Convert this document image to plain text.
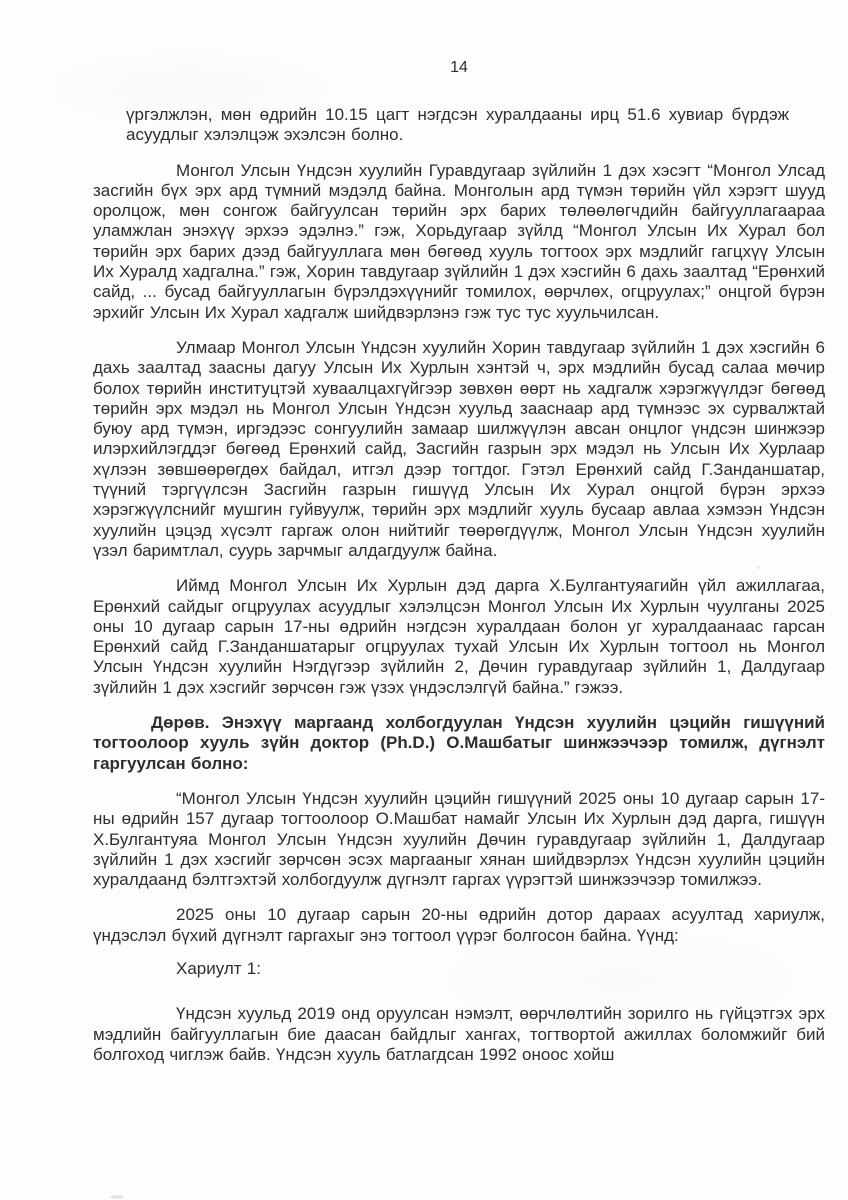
14

үргэлжлэн, мөн өдрийн 10.15 цагт нэгдсэн хуралдааны ирц 51.6 хувиар бүрдэж асуудлыг хэлэлцэж эхэлсэн болно.

Монгол Улсын Үндсэн хуулийн Гуравдугаар зүйлийн 1 дэх хэсэгт “Монгол Улсад засгийн бүх эрх ард түмний мэдэлд байна. Монголын ард түмэн төрийн үйл хэрэгт шууд оролцож, мөн сонгож байгуулсан төрийн эрх барих төлөөлөгчдийн байгууллагаараа уламжлан энэхүү эрхээ эдэлнэ.” гэж, Хорьдугаар зүйлд “Монгол Улсын Их Хурал бол төрийн эрх барих дээд байгууллага мөн бөгөөд хууль тогтоох эрх мэдлийг гагцхүү Улсын Их Хуралд хадгална.” гэж, Хорин тавдугаар зүйлийн 1 дэх хэсгийн 6 дахь заалтад “Ерөнхий сайд, ... бусад байгууллагын бүрэлдэхүүнийг томилох, өөрчлөх, огцруулах;” онцгой бүрэн эрхийг Улсын Их Хурал хадгалж шийдвэрлэнэ гэж тус тус хуульчилсан.

Улмаар Монгол Улсын Үндсэн хуулийн Хорин тавдугаар зүйлийн 1 дэх хэсгийн 6 дахь заалтад заасны дагуу Улсын Их Хурлын хэнтэй ч, эрх мэдлийн бусад салаа мөчир болох төрийн институцтэй хуваалцахгүйгээр зөвхөн өөрт нь хадгалж хэрэгжүүлдэг бөгөөд төрийн эрх мэдэл нь Монгол Улсын Үндсэн хуульд зааснаар ард түмнээс эх сурвалжтай буюу ард түмэн, иргэдээс сонгуулийн замаар шилжүүлэн авсан онцлог үндсэн шинжээр илэрхийлэгддэг бөгөөд Ерөнхий сайд, Засгийн газрын эрх мэдэл нь Улсын Их Хурлаар хүлээн зөвшөөрөгдөх байдал, итгэл дээр тогтдог. Гэтэл Ерөнхий сайд Г.Занданшатар, түүний тэргүүлсэн Засгийн газрын гишүүд Улсын Их Хурал онцгой бүрэн эрхээ хэрэгжүүлснийг мушгин гуйвуулж, төрийн эрх мэдлийг хууль бусаар авлаа хэмээн Үндсэн хуулийн цэцэд хүсэлт гаргаж олон нийтийг төөрөгдүүлж, Монгол Улсын Үндсэн хуулийн үзэл баримтлал, суурь зарчмыг алдагдуулж байна.

Иймд Монгол Улсын Их Хурлын дэд дарга Х.Булгантуяагийн үйл ажиллагаа, Ерөнхий сайдыг огцруулах асуудлыг хэлэлцсэн Монгол Улсын Их Хурлын чуулганы 2025 оны 10 дугаар сарын 17-ны өдрийн нэгдсэн хуралдаан болон уг хуралдаанаас гарсан Ерөнхий сайд Г.Занданшатарыг огцруулах тухай Улсын Их Хурлын тогтоол нь Монгол Улсын Үндсэн хуулийн Нэгдүгээр зүйлийн 2, Дөчин гуравдугаар зүйлийн 1, Далдугаар зүйлийн 1 дэх хэсгийг зөрчсөн гэж үзэх үндэслэлгүй байна.” гэжээ.

Дөрөв. Энэхүү маргаанд холбогдуулан Үндсэн хуулийн цэцийн гишүүний тогтоолоор хууль зүйн доктор (Ph.D.) О.Машбатыг шинжээчээр томилж, дүгнэлт гаргуулсан болно:

“Монгол Улсын Үндсэн хуулийн цэцийн гишүүний 2025 оны 10 дугаар сарын 17-ны өдрийн 157 дугаар тогтоолоор О.Машбат намайг Улсын Их Хурлын дэд дарга, гишүүн Х.Булгантуяа Монгол Улсын Үндсэн хуулийн Дөчин гуравдугаар зүйлийн 1, Далдугаар зүйлийн 1 дэх хэсгийг зөрчсөн эсэх маргааныг хянан шийдвэрлэх Үндсэн хуулийн цэцийн хуралдаанд бэлтгэхтэй холбогдуулж дүгнэлт гаргах үүрэгтэй шинжээчээр томилжээ.

2025 оны 10 дугаар сарын 20-ны өдрийн дотор дараах асуултад хариулж, үндэслэл бүхий дүгнэлт гаргахыг энэ тогтоол үүрэг болгосон байна. Үүнд:

Хариулт 1:

Үндсэн хуульд 2019 онд оруулсан нэмэлт, өөрчлөлтийн зорилго нь гүйцэтгэх эрх мэдлийн байгууллагын бие даасан байдлыг хангах, тогтвортой ажиллах боломжийг бий болгоход чиглэж байв. Үндсэн хууль батлагдсан 1992 оноос хойш
